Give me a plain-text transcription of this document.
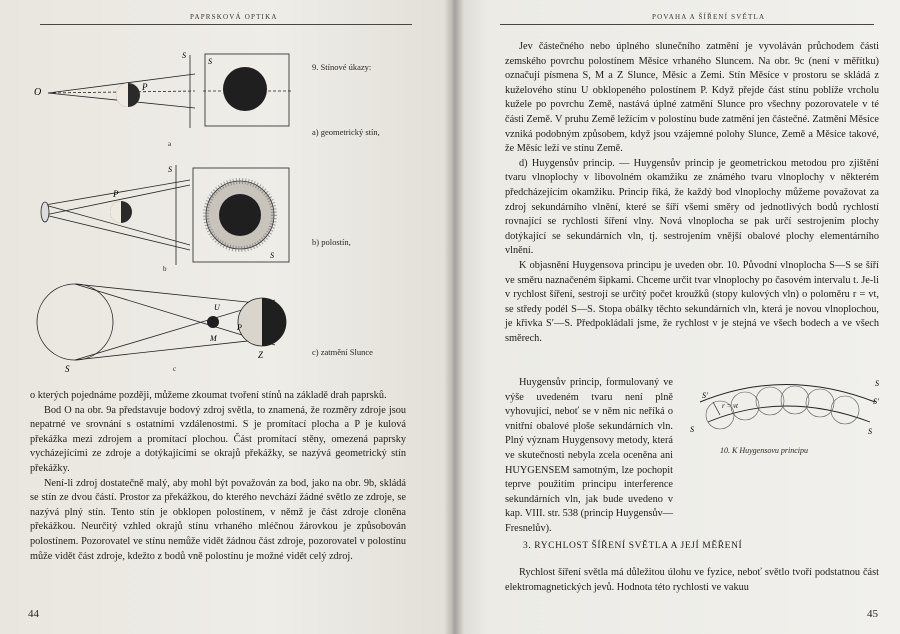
PAPRSKOVÁ OPTIKA
O	P
S
S
P
S
S
S
U
M
P
Z
9. Stínové úkazy:
a) geometrický stín,
b) polostín,
c) zatmění Slunce
a
b
c

o kterých pojednáme později, můžeme zkoumat tvoření stínů na základě drah paprsků.

Bod O na obr. 9a představuje bodový zdroj světla, to znamená, že rozměry zdroje jsou nepatrné ve srovnání s ostatními vzdálenostmi. S je promítací plocha a P je kulová překážka mezi zdrojem a promítací plochou. Část promítací stěny, omezená paprsky vycházejícími ze zdroje a dotýkajícími se okrajů překážky, se nazývá geometrický stín překážky.

Není-li zdroj dostatečně malý, aby mohl být považován za bod, jako na obr. 9b, skládá se stín ze dvou částí. Prostor za překážkou, do kterého nevchází žádné světlo ze zdroje, se nazývá plný stín. Tento stín je obklopen polostínem, v němž je část zdroje cloněna překážkou. Neurčitý vzhled okrajů stínu vrhaného mléčnou žárovkou je způsobován polostínem. Pozorovatel ve stínu nemůže vidět žádnou část zdroje, pozorovatel v polostínu může vidět část zdroje, kdežto z bodů vně polostínu je možné vidět celý zdroj.

44
POVAHA A ŠÍŘENÍ SVĚTLA

Jev částečného nebo úplného slunečního zatmění je vyvoláván průchodem části zemského povrchu polostínem Měsíce vrhaného Sluncem. Na obr. 9c (není v měřítku) označují písmena S, M a Z Slunce, Měsíc a Zemi. Stín Měsíce v prostoru se skládá z kuželového stínu U obklopeného polostínem P. Když přejde část stínu poblíže vrcholu kužele po povrchu Země, nastává úplné zatmění Slunce pro všechny pozorovatele v té části Země. V pruhu Země ležícím v polostínu bude zatmění jen částečné. Zatmění Měsíce vzniká podobným způsobem, když jsou vzájemné polohy Slunce, Země a Měsíce takové, že Měsíc leží ve stínu Země.

d) Huygensův princip. — Huygensův princip je geometrickou metodou pro zjištění tvaru vlnoplochy v libovolném okamžiku ze známého tvaru vlnoplochy v některém předcházejícím okamžiku. Princip říká, že každý bod vlnoplochy můžeme považovat za zdroj sekundárního vlnění, které se šíří všemi směry od jednotlivých bodů rychlostí rovnající se rychlosti šíření vlny. Nová vlnoplocha se pak určí sestrojením plochy dotýkající se sekundárních vln, tj. sestrojením vnější obalové plochy elementárního vlnění.

K objasnění Huygensova principu je uveden obr. 10. Původní vlnoplocha S—S se šíří ve směru naznačeném šipkami. Chceme určit tvar vlnoplochy po časovém intervalu t. Je-li v rychlost šíření, sestrojí se určitý počet kroužků (stopy kulových vln) o poloměru r = vt, se středy podél S—S. Stopa obálky těchto sekundárních vln, která je novou vlnoplochou, je křivka S′—S. Předpokládali jsme, že rychlost v je stejná ve všech bodech a ve všech směrech.

Huygensův princip, formulovaný ve výše uvedeném tvaru není plně vyhovující, neboť se v něm nic neříká o vnitřní obalové ploše sekundárních vln. Plný význam Huygensovy metody, která ve skutečnosti nebyla zcela oceněna ani HUYGENSEM samotným, lze pochopit teprve použitím principu interference sekundárních vln, jak bude uvedeno v kap. VIII. str. 538 (princip Huygensův—Fresnelův).

S′
r = vt
S
S′
S	S
10. K Huygensovu principu

3. RYCHLOST ŠÍŘENÍ SVĚTLA A JEJÍ MĚŘENÍ

Rychlost šíření světla má důležitou úlohu ve fyzice, neboť světlo tvoří podstatnou část elektromagnetických jevů. Hodnota této rychlosti ve vakuu

45
